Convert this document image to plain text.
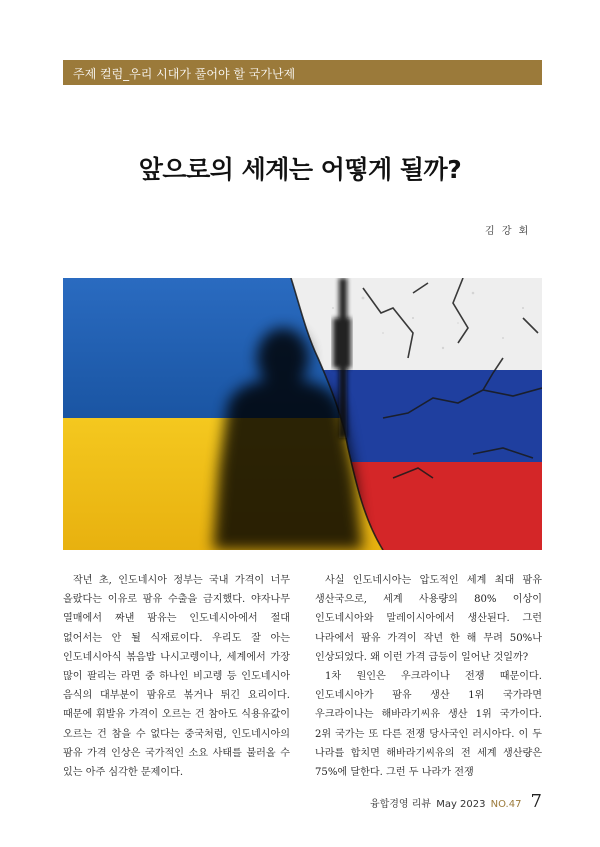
주제 컬럼_우리 시대가 풀어야 할 국가난제
앞으로의 세계는 어떻게 될까?
김 강 회

작년 초, 인도네시아 정부는 국내 가격이 너무 올랐다는 이유로 팜유 수출을 금지했다. 야자나무 열매에서 짜낸 팜유는 인도네시아에서 절대 없어서는 안 될 식재료이다. 우리도 잘 아는 인도네시아식 볶음밥 나시고렝이나, 세계에서 가장 많이 팔리는 라면 중 하나인 비고렝 등 인도네시아 음식의 대부분이 팜유로 볶거나 튀긴 요리이다. 때문에 휘발유 가격이 오르는 건 참아도 식용유값이 오르는 건 참을 수 없다는 중국처럼, 인도네시아의 팜유 가격 인상은 국가적인 소요 사태를 불러올 수 있는 아주 심각한 문제이다.

사실 인도네시아는 압도적인 세계 최대 팜유 생산국으로, 세계 사용량의 80% 이상이 인도네시아와 말레이시아에서 생산된다. 그런 나라에서 팜유 가격이 작년 한 해 무려 50%나 인상되었다. 왜 이런 가격 급등이 일어난 것일까?

1차 원인은 우크라이나 전쟁 때문이다. 인도네시아가 팜유 생산 1위 국가라면 우크라이나는 해바라기씨유 생산 1위 국가이다. 2위 국가는 또 다른 전쟁 당사국인 러시아다. 이 두 나라를 합치면 해바라기씨유의 전 세계 생산량은 75%에 달한다. 그런 두 나라가 전쟁

융합경영 리뷰 May 2023 NO.47 7
